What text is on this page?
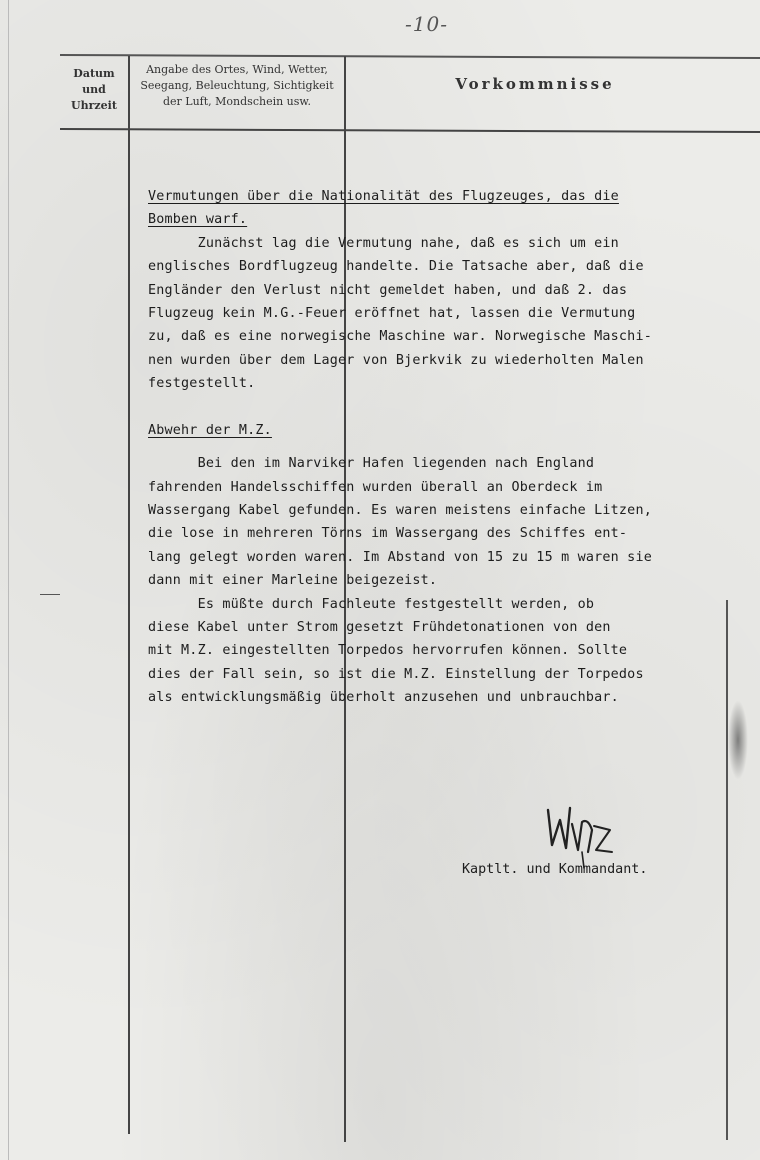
-10-
Datum
und
Uhrzeit
Angabe des Ortes, Wind, Wetter,
Seegang, Beleuchtung, Sichtigkeit
der Luft, Mondschein usw.
Vorkommnisse
Vermutungen über die Nationalität des Flugzeuges, das die
Bomben warf.
Zunächst lag die Vermutung nahe, daß es sich um ein
englisches Bordflugzeug handelte. Die Tatsache aber, daß die
Engländer den Verlust nicht gemeldet haben, und daß 2. das
Flugzeug kein M.G.-Feuer eröffnet hat, lassen die Vermutung
zu, daß es eine norwegische Maschine war. Norwegische Maschi-
nen wurden über dem Lager von Bjerkvik zu wiederholten Malen
festgestellt.
Abwehr der M.Z.
Bei den im Narviker Hafen liegenden nach England
fahrenden Handelsschiffen wurden überall an Oberdeck im
Wassergang Kabel gefunden. Es waren meistens einfache Litzen,
die lose in mehreren Törns im Wassergang des Schiffes ent-
lang gelegt worden waren. Im Abstand von 15 zu 15 m waren sie
dann mit einer Marleine beigezeist.
Es müßte durch Fachleute festgestellt werden, ob
diese Kabel unter Strom gesetzt Frühdetonationen von den
mit M.Z. eingestellten Torpedos hervorrufen können. Sollte
dies der Fall sein, so ist die M.Z. Einstellung der Torpedos
als entwicklungsmäßig überholt anzusehen und unbrauchbar.
Kaptlt. und Kommandant.
